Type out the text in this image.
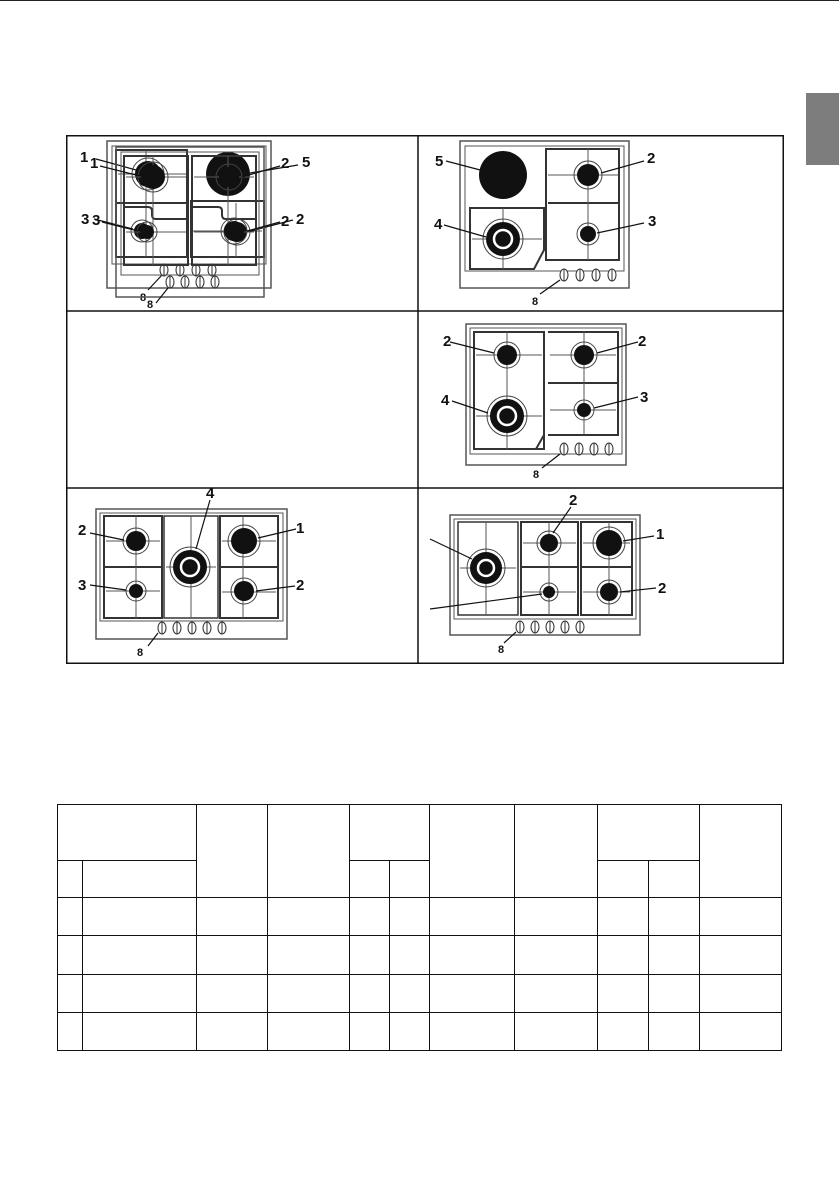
1	5
3	2
8
5	2
4	3
8
1	2
3	2
8
2	2
4	3
8
4
2	1
3	2
8
2
1
2
8
